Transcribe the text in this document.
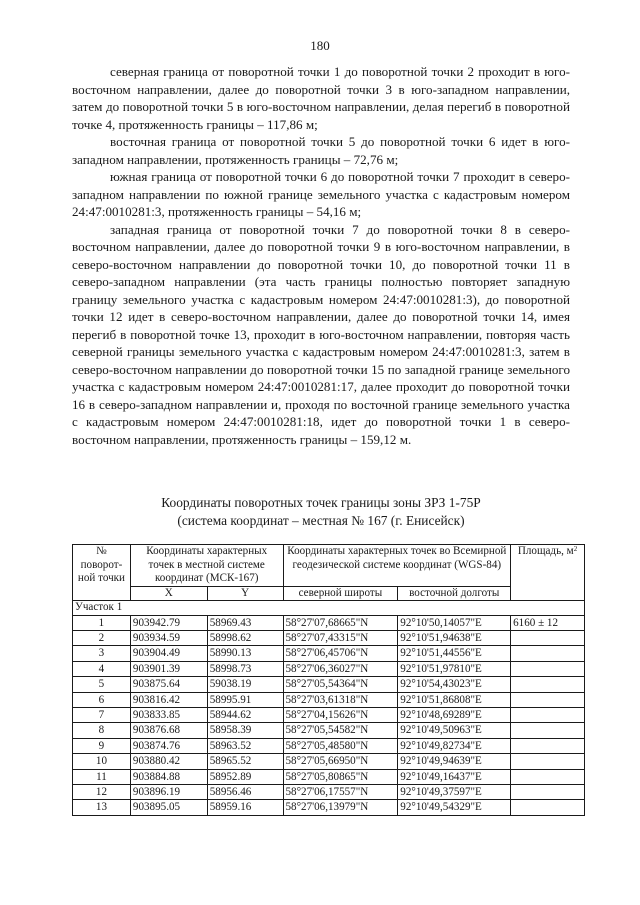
180

северная граница от поворотной точки 1 до поворотной точки 2 проходит в юго-восточном направлении, далее до поворотной точки 3 в юго-западном направлении, затем до поворотной точки 5 в юго-восточном направлении, делая перегиб в поворотной точке 4, протяженность границы – 117,86 м;

восточная граница от поворотной точки 5 до поворотной точки 6 идет в юго-западном направлении, протяженность границы – 72,76 м;

южная граница от поворотной точки 6 до поворотной точки 7 проходит в северо-западном направлении по южной границе земельного участка с кадастровым номером 24:47:0010281:3, протяженность границы – 54,16 м;

западная граница от поворотной точки 7 до поворотной точки 8 в северо-восточном направлении, далее до поворотной точки 9 в юго-восточном направлении, в северо-восточном направлении до поворотной точки 10, до поворотной точки 11 в северо-западном направлении (эта часть границы полностью повторяет западную границу земельного участка с кадастровым номером 24:47:0010281:3), до поворотной точки 12 идет в северо-восточном направлении, далее до поворотной точки 14, имея перегиб в поворотной точке 13, проходит в юго-восточном направлении, повторяя часть северной границы земельного участка с кадастровым номером 24:47:0010281:3, затем в северо-восточном направлении до поворотной точки 15 по западной границе земельного участка с кадастровым номером 24:47:0010281:17, далее проходит до поворотной точки 16 в северо-западном направлении и, проходя по восточной границе земельного участка с кадастровым номером 24:47:0010281:18, идет до поворотной точки 1 в северо-восточном направлении, протяженность границы – 159,12 м.

Координаты поворотных точек границы зоны ЗРЗ 1-75Р
(система координат – местная № 167 (г. Енисейск)
№ поворот-ной точки	Координаты характерных точек в местной системе координат (МСК-167)		Координаты характерных точек во Всемирной геодезической системе координат (WGS-84)		Площадь, $м^2$
	X	Y	северной широты	восточной долготы	
Участок 1					
1	903942.79	58969.43	58°27'07,68665"N	92°10'50,14057"E	6160 ± 12
2	903934.59	58998.62	58°27'07,43315"N	92°10'51,94638"E	
3	903904.49	58990.13	58°27'06,45706"N	92°10'51,44556"E	
4	903901.39	58998.73	58°27'06,36027"N	92°10'51,97810"E	
5	903875.64	59038.19	58°27'05,54364"N	92°10'54,43023"E	
6	903816.42	58995.91	58°27'03,61318"N	92°10'51,86808"E	
7	903833.85	58944.62	58°27'04,15626"N	92°10'48,69289"E	
8	903876.68	58958.39	58°27'05,54582"N	92°10'49,50963"E	
9	903874.76	58963.52	58°27'05,48580"N	92°10'49,82734"E	
10	903880.42	58965.52	58°27'05,66950"N	92°10'49,94639"E	
11	903884.88	58952.89	58°27'05,80865"N	92°10'49,16437"E	
12	903896.19	58956.46	58°27'06,17557"N	92°10'49,37597"E	
13	903895.05	58959.16	58°27'06,13979"N	92°10'49,54329"E	
